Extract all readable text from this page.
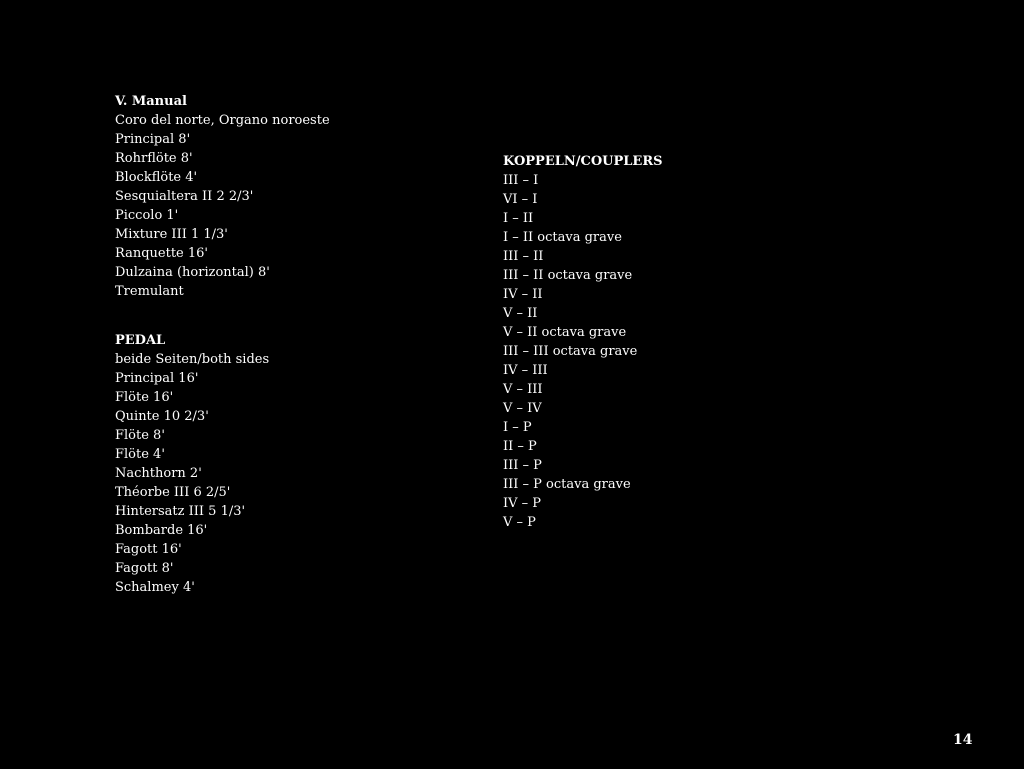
V. Manual
Coro del norte, Organo noroeste
Principal 8'
Rohrflöte 8'
Blockflöte 4'
Sesquialtera II 2 2/3'
Piccolo 1'
Mixture III 1 1/3'
Ranquette 16'
Dulzaina (horizontal) 8'
Tremulant
PEDAL
beide Seiten/both sides
Principal 16'
Flöte 16'
Quinte 10 2/3'
Flöte 8'
Flöte 4'
Nachthorn 2'
Théorbe III 6 2/5'
Hintersatz III 5 1/3'
Bombarde 16'
Fagott 16'
Fagott 8'
Schalmey 4'
KOPPELN/COUPLERS
III – I
VI – I
I – II
I – II octava grave
III – II
III – II octava grave
IV – II
V – II
V – II octava grave
III – III octava grave
IV – III
V – III
V – IV
I – P
II – P
III – P
III – P octava grave
IV – P
V – P
14
